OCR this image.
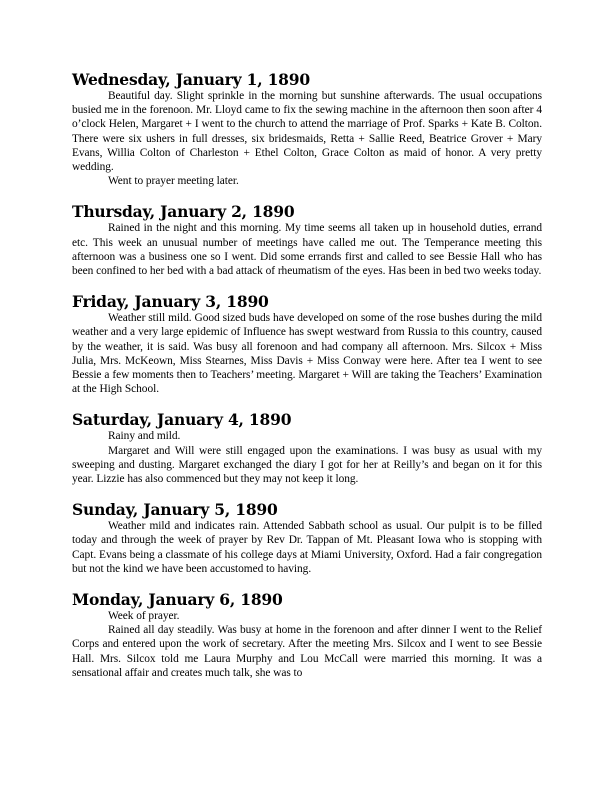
Wednesday, January 1, 1890

Beautiful day. Slight sprinkle in the morning but sunshine afterwards. The usual occupations busied me in the forenoon. Mr. Lloyd came to fix the sewing machine in the afternoon then soon after 4 o’clock Helen, Margaret + I went to the church to attend the marriage of Prof. Sparks + Kate B. Colton. There were six ushers in full dresses, six bridesmaids, Retta + Sallie Reed, Beatrice Grover + Mary Evans, Willia Colton of Charleston + Ethel Colton, Grace Colton as maid of honor. A very pretty wedding.

Went to prayer meeting later.

Thursday, January 2, 1890

Rained in the night and this morning. My time seems all taken up in household duties, errand etc. This week an unusual number of meetings have called me out. The Temperance meeting this afternoon was a business one so I went. Did some errands first and called to see Bessie Hall who has been confined to her bed with a bad attack of rheumatism of the eyes. Has been in bed two weeks today.

Friday, January 3, 1890

Weather still mild. Good sized buds have developed on some of the rose bushes during the mild weather and a very large epidemic of Influence has swept westward from Russia to this country, caused by the weather, it is said. Was busy all forenoon and had company all afternoon. Mrs. Silcox + Miss Julia, Mrs. McKeown, Miss Stearnes, Miss Davis + Miss Conway were here. After tea I went to see Bessie a few moments then to Teachers’ meeting. Margaret + Will are taking the Teachers’ Examination at the High School.

Saturday, January 4, 1890

Rainy and mild.

Margaret and Will were still engaged upon the examinations. I was busy as usual with my sweeping and dusting. Margaret exchanged the diary I got for her at Reilly’s and began on it for this year. Lizzie has also commenced but they may not keep it long.

Sunday, January 5, 1890

Weather mild and indicates rain. Attended Sabbath school as usual. Our pulpit is to be filled today and through the week of prayer by Rev Dr. Tappan of Mt. Pleasant Iowa who is stopping with Capt. Evans being a classmate of his college days at Miami University, Oxford. Had a fair congregation but not the kind we have been accustomed to having.

Monday, January 6, 1890

Week of prayer.

Rained all day steadily. Was busy at home in the forenoon and after dinner I went to the Relief Corps and entered upon the work of secretary. After the meeting Mrs. Silcox and I went to see Bessie Hall. Mrs. Silcox told me Laura Murphy and Lou McCall were married this morning. It was a sensational affair and creates much talk, she was to
